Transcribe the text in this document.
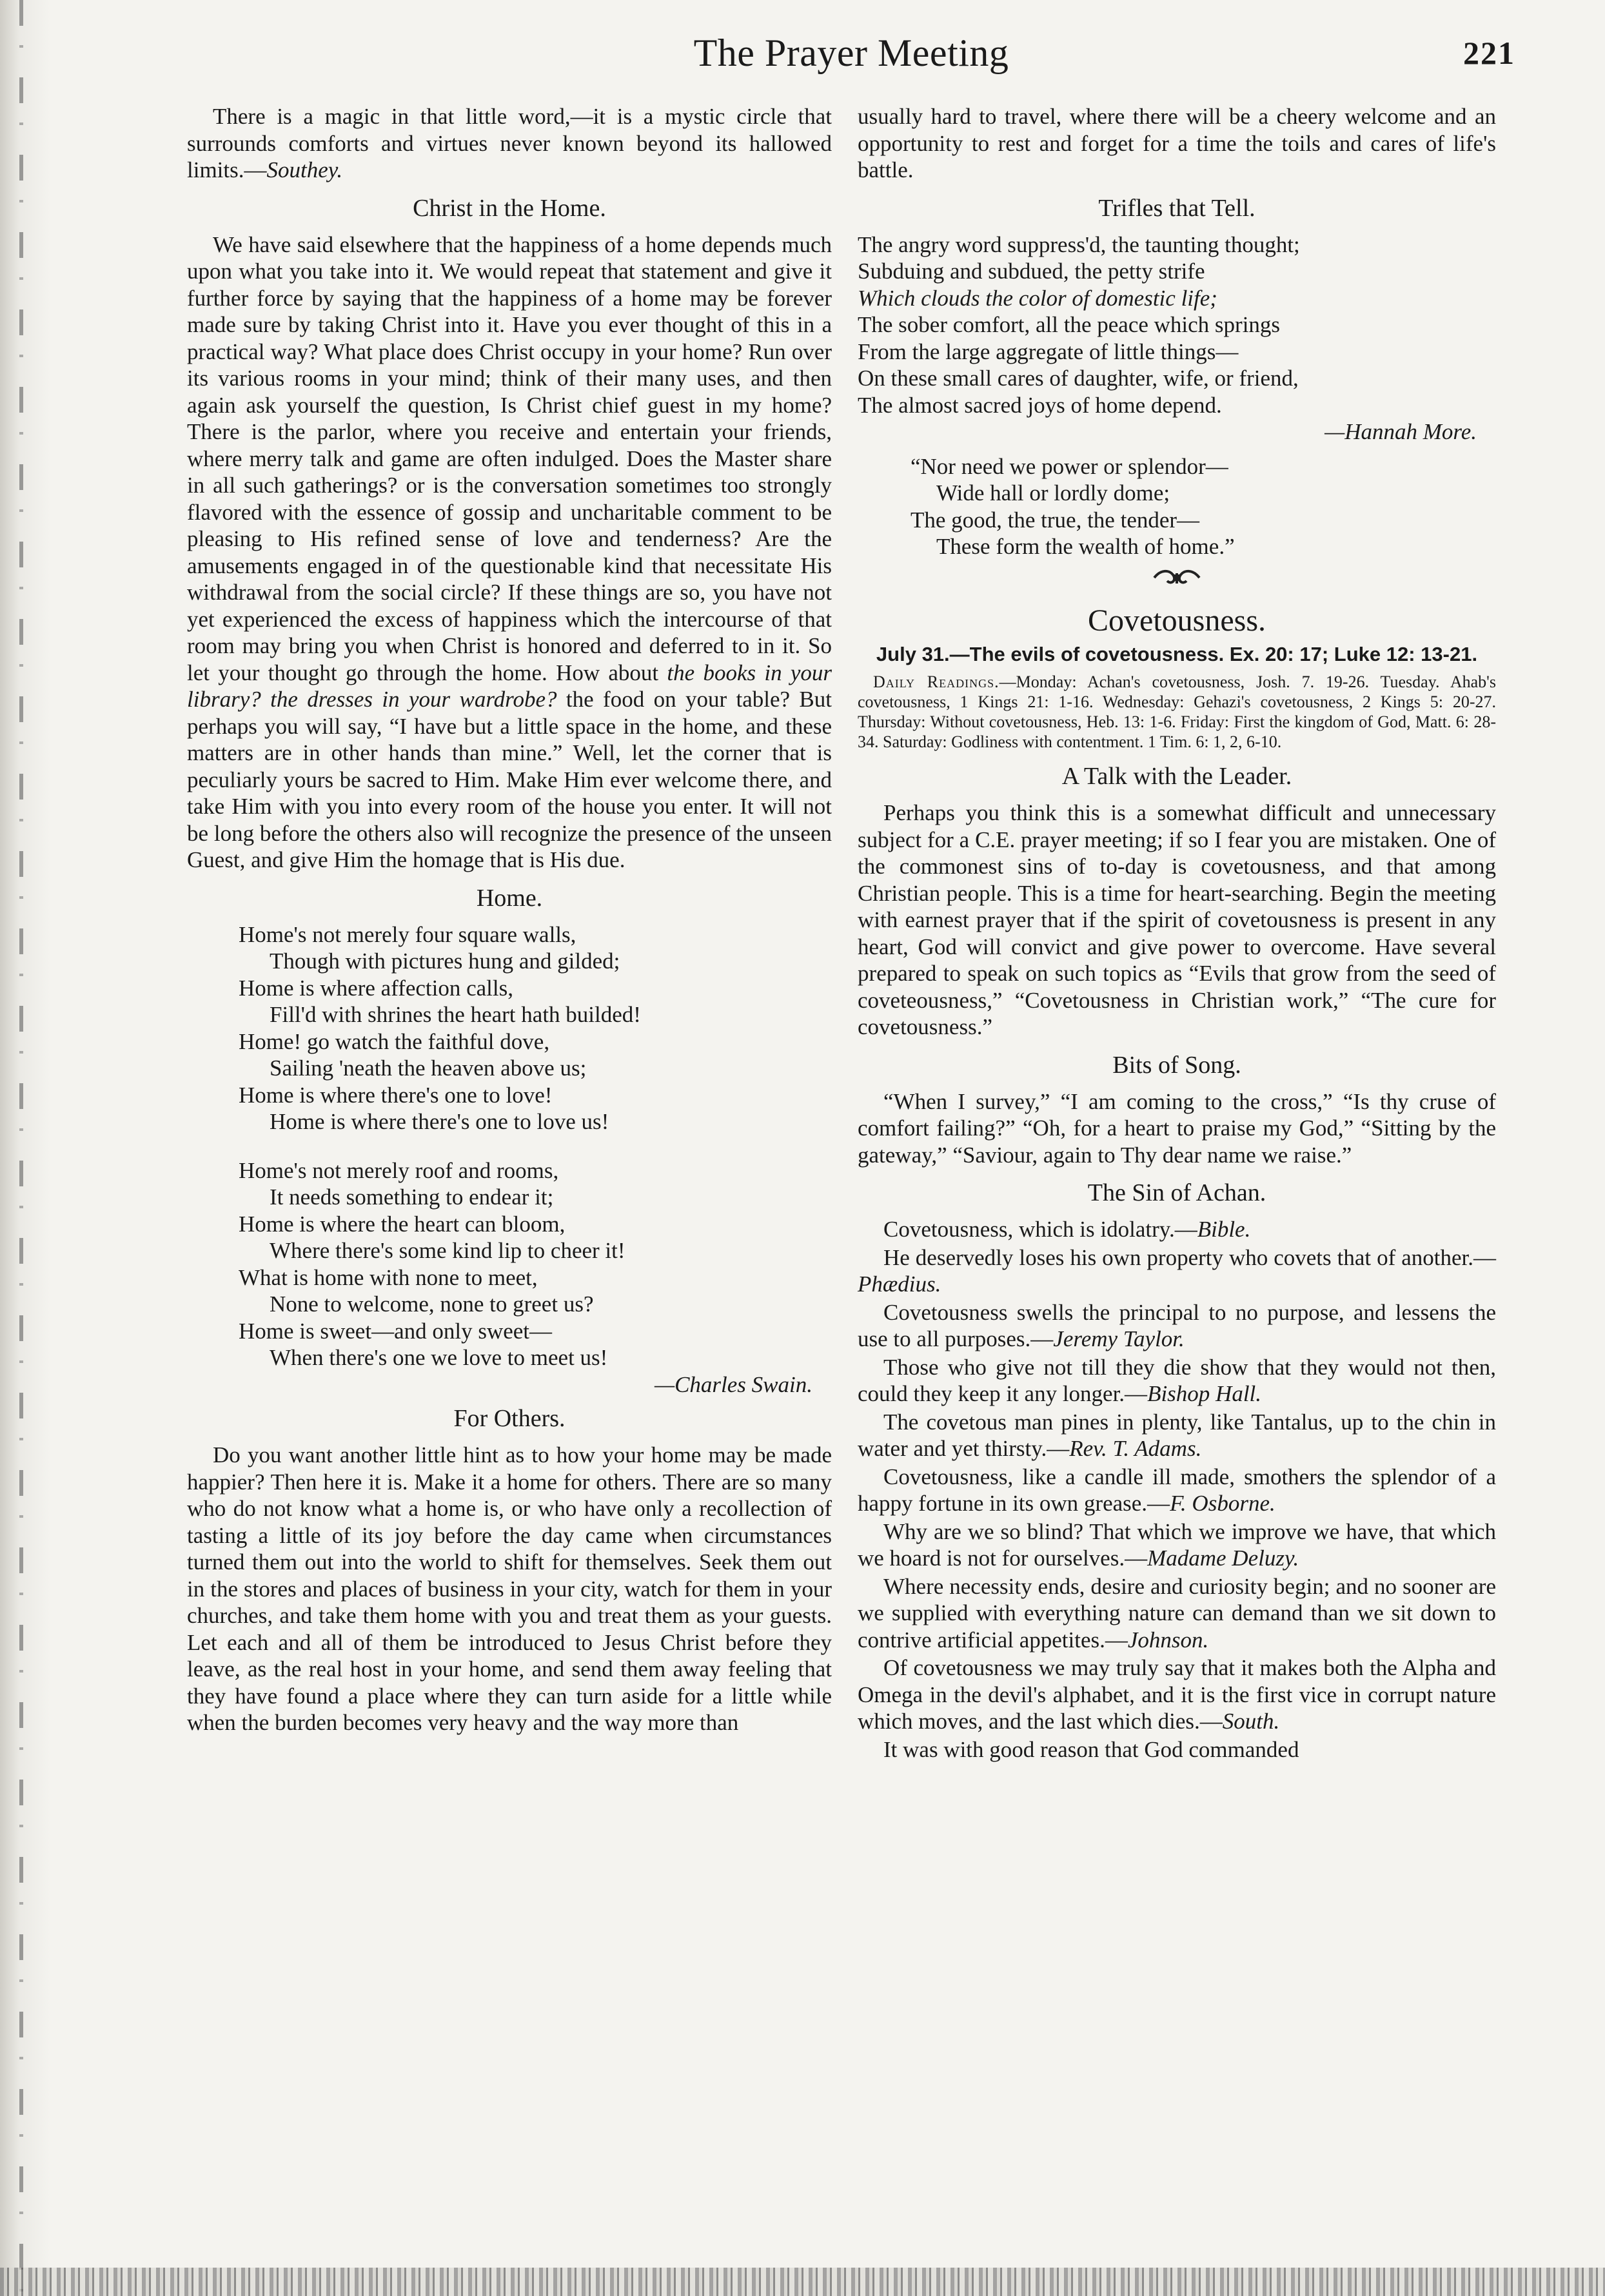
The Prayer Meeting	221

There is a magic in that little word,—it is a mystic circle that surrounds comforts and virtues never known beyond its hallowed limits.—Southey.

Christ in the Home.

We have said elsewhere that the happiness of a home depends much upon what you take into it. We would repeat that statement and give it further force by saying that the happiness of a home may be forever made sure by taking Christ into it. Have you ever thought of this in a practical way? What place does Christ occupy in your home? Run over its various rooms in your mind; think of their many uses, and then again ask yourself the question, Is Christ chief guest in my home? There is the parlor, where you receive and entertain your friends, where merry talk and game are often indulged. Does the Master share in all such gatherings? or is the conversation sometimes too strongly flavored with the essence of gossip and uncharitable comment to be pleasing to His refined sense of love and tenderness? Are the amusements engaged in of the questionable kind that necessitate His withdrawal from the social circle? If these things are so, you have not yet experienced the excess of happiness which the intercourse of that room may bring you when Christ is honored and deferred to in it. So let your thought go through the home. How about the books in your library? the dresses in your wardrobe? the food on your table? But perhaps you will say, “I have but a little space in the home, and these matters are in other hands than mine.” Well, let the corner that is peculiarly yours be sacred to Him. Make Him ever welcome there, and take Him with you into every room of the house you enter. It will not be long before the others also will recognize the presence of the unseen Guest, and give Him the homage that is His due.

Home.
Home's not merely four square walls,
Though with pictures hung and gilded;
Home is where affection calls,
Fill'd with shrines the heart hath builded!
Home! go watch the faithful dove,
Sailing 'neath the heaven above us;
Home is where there's one to love!
Home is where there's one to love us!
Home's not merely roof and rooms,
It needs something to endear it;
Home is where the heart can bloom,
Where there's some kind lip to cheer it!
What is home with none to meet,
None to welcome, none to greet us?
Home is sweet—and only sweet—
When there's one we love to meet us!
—Charles Swain.
For Others.

Do you want another little hint as to how your home may be made happier? Then here it is. Make it a home for others. There are so many who do not know what a home is, or who have only a recollection of tasting a little of its joy before the day came when circumstances turned them out into the world to shift for themselves. Seek them out in the stores and places of business in your city, watch for them in your churches, and take them home with you and treat them as your guests. Let each and all of them be introduced to Jesus Christ before they leave, as the real host in your home, and send them away feeling that they have found a place where they can turn aside for a little while when the burden becomes very heavy and the way more than

usually hard to travel, where there will be a cheery welcome and an opportunity to rest and forget for a time the toils and cares of life's battle.

Trifles that Tell.
The angry word suppress'd, the taunting thought;
Subduing and subdued, the petty strife
Which clouds the color of domestic life;
The sober comfort, all the peace which springs
From the large aggregate of little things—
On these small cares of daughter, wife, or friend,
The almost sacred joys of home depend.
—Hannah More.
“Nor need we power or splendor—
Wide hall or lordly dome;
The good, the true, the tender—
These form the wealth of home.”
Covetousness.
July 31.—The evils of covetousness. Ex. 20: 17; Luke 12: 13-21.

Daily Readings.—Monday: Achan's covetousness, Josh. 7. 19-26. Tuesday. Ahab's covetousness, 1 Kings 21: 1-16. Wednesday: Gehazi's covetousness, 2 Kings 5: 20-27. Thursday: Without covetousness, Heb. 13: 1-6. Friday: First the kingdom of God, Matt. 6: 28-34. Saturday: Godliness with contentment. 1 Tim. 6: 1, 2, 6-10.

A Talk with the Leader.

Perhaps you think this is a somewhat difficult and unnecessary subject for a C.E. prayer meeting; if so I fear you are mistaken. One of the commonest sins of to-day is covetousness, and that among Christian people. This is a time for heart-searching. Begin the meeting with earnest prayer that if the spirit of covetousness is present in any heart, God will convict and give power to overcome. Have several prepared to speak on such topics as “Evils that grow from the seed of coveteousness,” “Covetousness in Christian work,” “The cure for covetousness.”

Bits of Song.

“When I survey,” “I am coming to the cross,” “Is thy cruse of comfort failing?” “Oh, for a heart to praise my God,” “Sitting by the gateway,” “Saviour, again to Thy dear name we raise.”

The Sin of Achan.

Covetousness, which is idolatry.—Bible.

He deservedly loses his own property who covets that of another.—Phædius.

Covetousness swells the principal to no purpose, and lessens the use to all purposes.—Jeremy Taylor.

Those who give not till they die show that they would not then, could they keep it any longer.—Bishop Hall.

The covetous man pines in plenty, like Tantalus, up to the chin in water and yet thirsty.—Rev. T. Adams.

Covetousness, like a candle ill made, smothers the splendor of a happy fortune in its own grease.—F. Osborne.

Why are we so blind? That which we improve we have, that which we hoard is not for ourselves.—Madame Deluzy.

Where necessity ends, desire and curiosity begin; and no sooner are we supplied with everything nature can demand than we sit down to contrive artificial appetites.—Johnson.

Of covetousness we may truly say that it makes both the Alpha and Omega in the devil's alphabet, and it is the first vice in corrupt nature which moves, and the last which dies.—South.

It was with good reason that God commanded
